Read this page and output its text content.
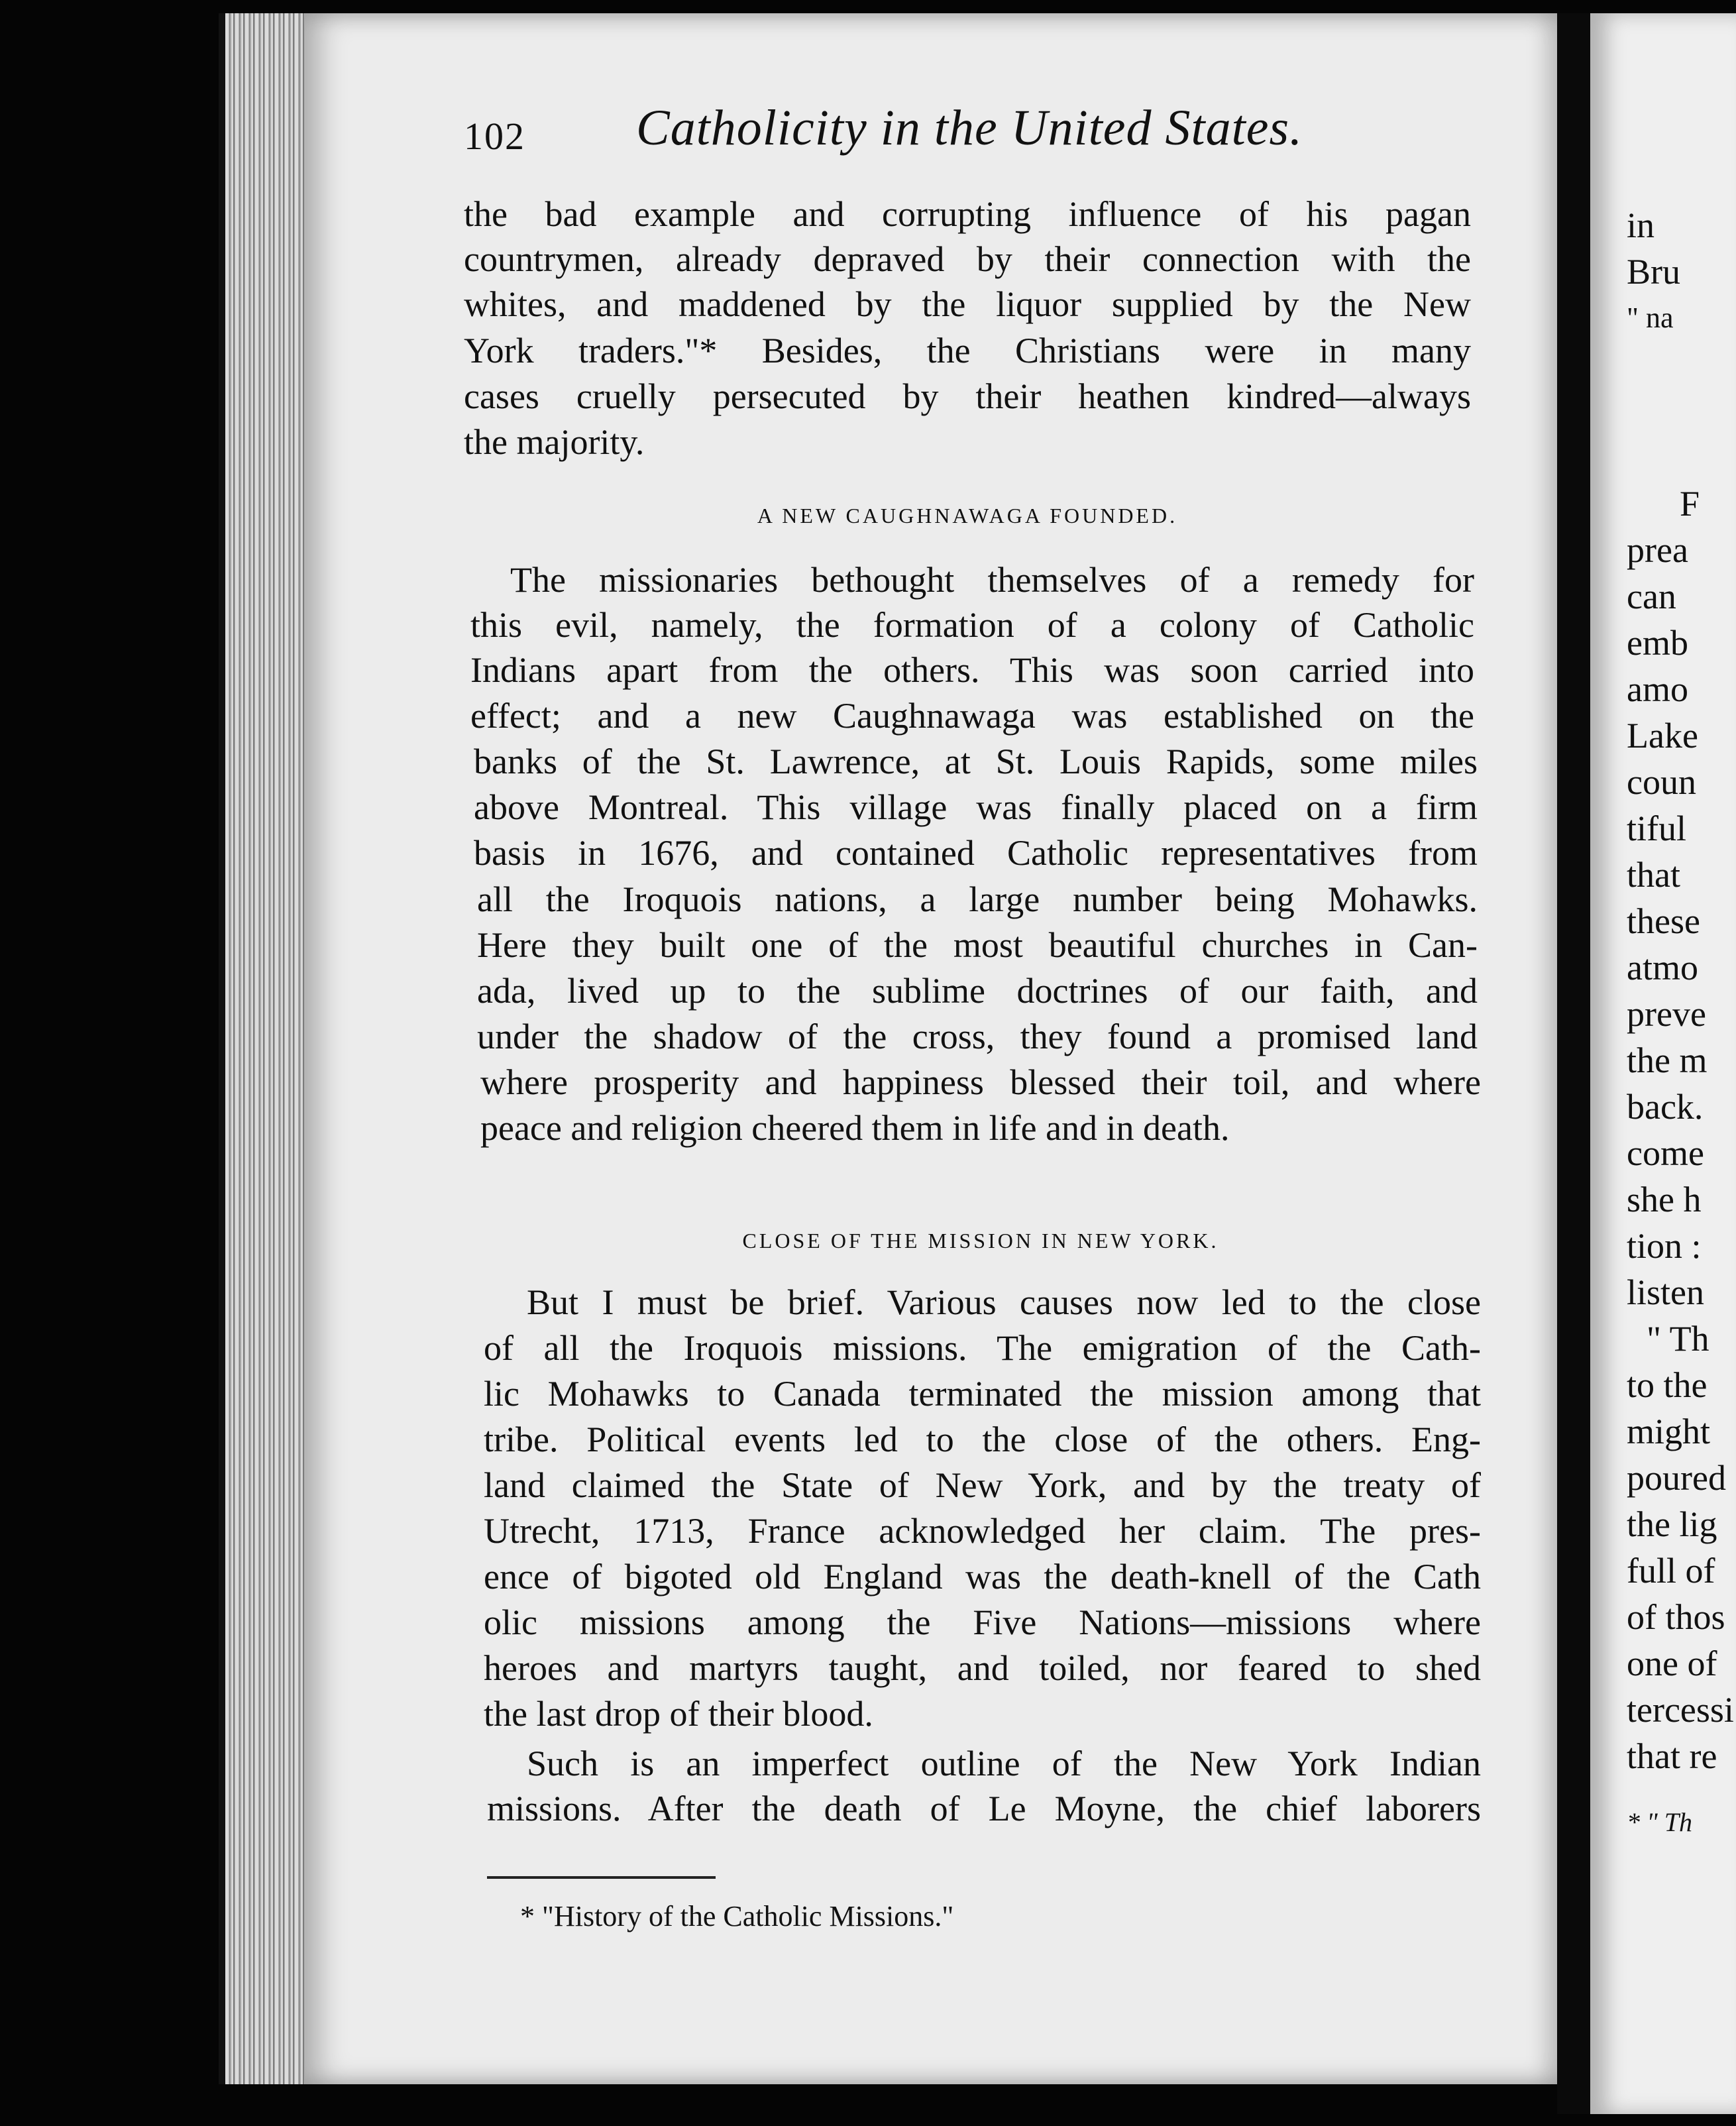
102 Catholicity in the United States.
the bad example and corrupting influence of his pagan
countrymen, already depraved by their connection with the
whites, and maddened by the liquor supplied by the New
York traders."* Besides, the Christians were in many
cases cruelly persecuted by their heathen kindred—always
the majority.
A NEW CAUGHNAWAGA FOUNDED.
The missionaries bethought themselves of a remedy for
this evil, namely, the formation of a colony of Catholic
Indians apart from the others. This was soon carried into
effect; and a new Caughnawaga was established on the
banks of the St. Lawrence, at St. Louis Rapids, some miles
above Montreal. This village was finally placed on a firm
basis in 1676, and contained Catholic representatives from
all the Iroquois nations, a large number being Mohawks.
Here they built one of the most beautiful churches in Can-
ada, lived up to the sublime doctrines of our faith, and
under the shadow of the cross, they found a promised land
where prosperity and happiness blessed their toil, and where
peace and religion cheered them in life and in death.
CLOSE OF THE MISSION IN NEW YORK.
But I must be brief. Various causes now led to the close
of all the Iroquois missions. The emigration of the Cath-
lic Mohawks to Canada terminated the mission among that
tribe. Political events led to the close of the others. Eng-
land claimed the State of New York, and by the treaty of
Utrecht, 1713, France acknowledged her claim. The pres-
ence of bigoted old England was the death-knell of the Cath
olic missions among the Five Nations—missions where
heroes and martyrs taught, and toiled, nor feared to shed
the last drop of their blood.
Such is an imperfect outline of the New York Indian
missions. After the death of Le Moyne, the chief laborers
* "History of the Catholic Missions."
in
Bru
" na
F
prea
can
emb
amo
Lake
coun
tiful
that
these
atmo
preve
the m
back.
come
she h
tion :
listen
" Th
to the
might
poured
the lig
full of
of thos
one of
tercessi
that re
* " Th
